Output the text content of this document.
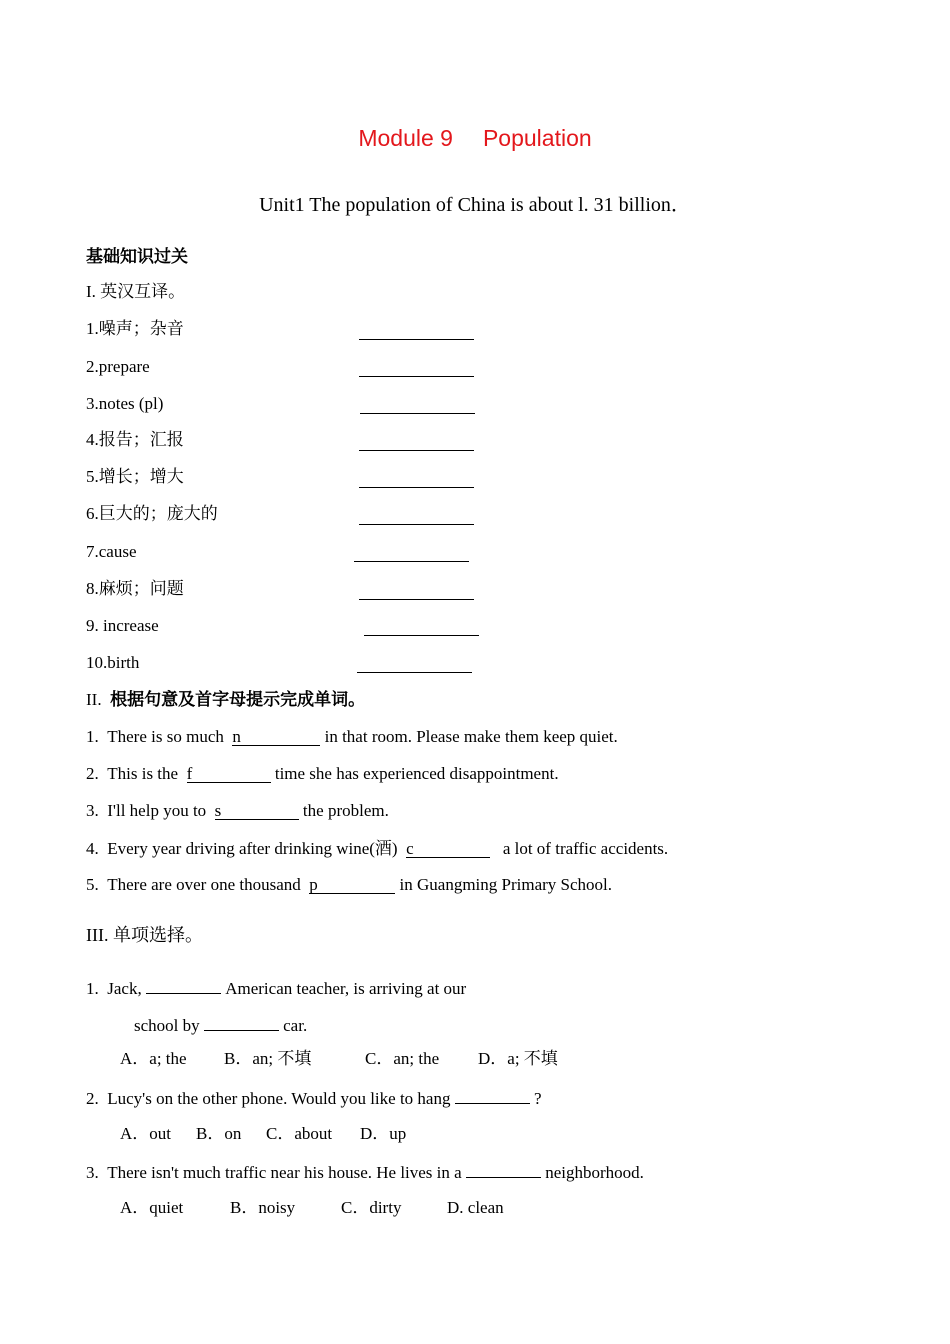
Module 9 Population
Unit1 The population of China is about l. 31 billion．
基础知识过关
I. 英汉互译。
1.噪声；杂音
2.prepare
3.notes (pl)
4.报告；汇报
5.增长；增大
6.巨大的；庞大的
7.cause
8.麻烦；问题
9. increase
10.birth
II. 根据句意及首字母提示完成单词。
1. There is so much n	in that room. Please make them keep quiet.
2. This is the f	time she has experienced disappointment.
3. I'll help you to s	the problem.
4. Every year driving after drinking wine(酒) c	a lot of traffic accidents.
5. There are over one thousand p	in Guangming Primary School.
III. 单项选择。
1. Jack,	American teacher, is arriving at our
school by	car.
A．a; the B．an; 不填	C．an; the D．a; 不填
2. Lucy's on the other phone. Would you like to hang	?
A．out B．on C．about D．up
3. There isn't much traffic near his house. He lives in a	neighborhood.
A．quiet	B．noisy	C．dirty	D. clean
